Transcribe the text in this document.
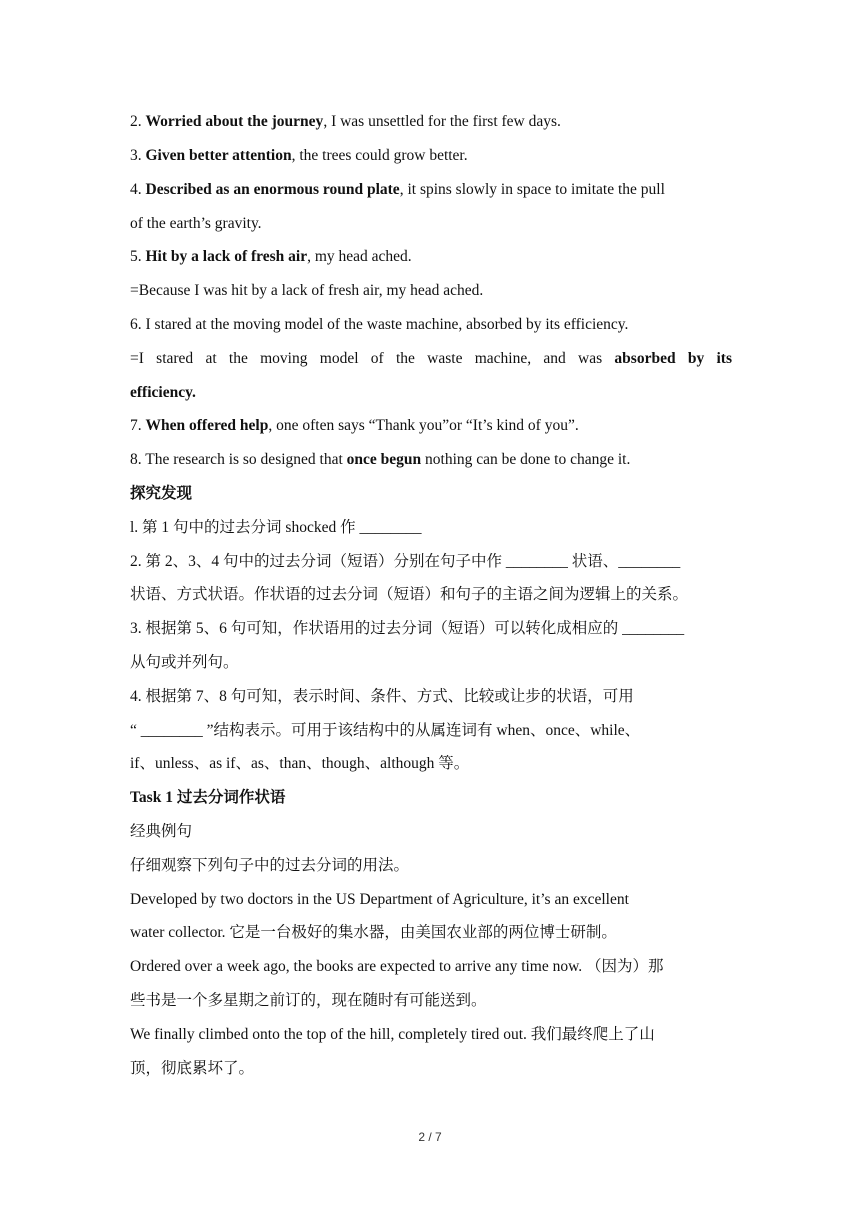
2. Worried about the journey, I was unsettled for the first few days.
3. Given better attention, the trees could grow better.
4. Described as an enormous round plate, it spins slowly in space to imitate the pull
of the earth’s gravity.
5. Hit by a lack of fresh air, my head ached.
=Because I was hit by a lack of fresh air, my head ached.
6. I stared at the moving model of the waste machine, absorbed by its efficiency.
=I stared at the moving model of the waste machine, and was absorbed by its
efficiency.
7. When offered help, one often says “Thank you”or “It’s kind of you”.
8. The research is so designed that once begun nothing can be done to change it.
探究发现
l. 第 1 句中的过去分词 shocked 作 ________
2. 第 2、3、4 句中的过去分词（短语）分别在句子中作 ________ 状语、________
状语、方式状语。作状语的过去分词（短语）和句子的主语之间为逻辑上的关系。
3. 根据第 5、6 句可知，作状语用的过去分词（短语）可以转化成相应的 ________
从句或并列句。
4. 根据第 7、8 句可知，表示时间、条件、方式、比较或让步的状语，可用
“ ________ ”结构表示。可用于该结构中的从属连词有 when、once、while、
if、unless、as if、as、than、though、although 等。
Task 1 过去分词作状语
经典例句
仔细观察下列句子中的过去分词的用法。
Developed by two doctors in the US Department of Agriculture, it’s an excellent
water collector. 它是一台极好的集水器，由美国农业部的两位博士研制。
Ordered over a week ago, the books are expected to arrive any time now. （因为）那
些书是一个多星期之前订的，现在随时有可能送到。
We finally climbed onto the top of the hill, completely tired out. 我们最终爬上了山
顶，彻底累坏了。
2 / 7
